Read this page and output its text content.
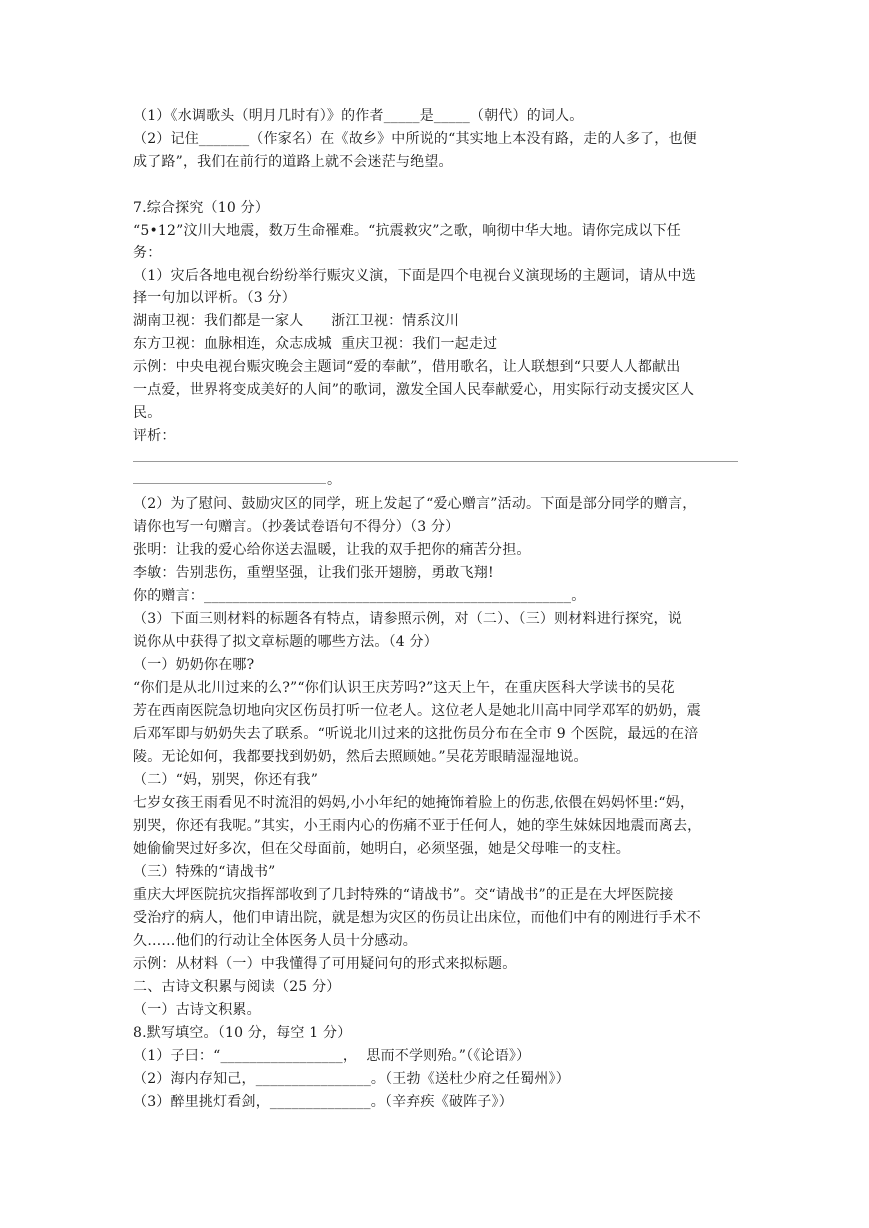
（1）《水调歌头（明月几时有）》的作者_____是_____（朝代）的词人。
（2）记住_______（作家名）在《故乡》中所说的“其实地上本没有路，走的人多了，也便
成了路”，我们在前行的道路上就不会迷茫与绝望。
7.综合探究（10 分）
“5•12”汶川大地震，数万生命罹难。“抗震救灾”之歌，响彻中华大地。请你完成以下任
务：
（1）灾后各地电视台纷纷举行赈灾义演，下面是四个电视台义演现场的主题词，请从中选
择一句加以评析。（3 分）
湖南卫视：我们都是一家人      浙江卫视：情系汶川
东方卫视：血脉相连，众志成城  重庆卫视：我们一起走过
示例：中央电视台赈灾晚会主题词“爱的奉献”，借用歌名，让人联想到“只要人人都献出
一点爱，世界将变成美好的人间”的歌词，激发全国人民奉献爱心，用实际行动支援灾区人
民。
评析：
。
（2）为了慰问、鼓励灾区的同学，班上发起了“爱心赠言”活动。下面是部分同学的赠言，
请你也写一句赠言。（抄袭试卷语句不得分）（3 分）
张明：让我的爱心给你送去温暖，让我的双手把你的痛苦分担。
李敏：告别悲伤，重塑坚强，让我们张开翅膀，勇敢飞翔!
你的赠言：___________________________________________________。
（3）下面三则材料的标题各有特点，请参照示例，对（二）、（三）则材料进行探究，说
说你从中获得了拟文章标题的哪些方法。（4 分）
（一）奶奶你在哪?
“你们是从北川过来的么?”“你们认识王庆芳吗?”这天上午，在重庆医科大学读书的吴花
芳在西南医院急切地向灾区伤员打听一位老人。这位老人是她北川高中同学邓军的奶奶，震
后邓军即与奶奶失去了联系。“听说北川过来的这批伤员分布在全市 9 个医院，最远的在涪
陵。无论如何，我都要找到奶奶，然后去照顾她。”吴花芳眼睛湿湿地说。
（二）“妈，别哭，你还有我”
七岁女孩王雨看见不时流泪的妈妈,小小年纪的她掩饰着脸上的伤悲,依偎在妈妈怀里:“妈，
别哭，你还有我呢。”其实，小王雨内心的伤痛不亚于任何人，她的孪生妹妹因地震而离去，
她偷偷哭过好多次，但在父母面前，她明白，必须坚强，她是父母唯一的支柱。
（三）特殊的“请战书”
重庆大坪医院抗灾指挥部收到了几封特殊的“请战书”。交“请战书”的正是在大坪医院接
受治疗的病人，他们申请出院，就是想为灾区的伤员让出床位，而他们中有的刚进行手术不
久……他们的行动让全体医务人员十分感动。
示例：从材料（一）中我懂得了可用疑问句的形式来拟标题。
二、古诗文积累与阅读（25 分）
（一）古诗文积累。
8.默写填空。（10 分，每空 1 分）
（1）子曰：“_________________，  思而不学则殆。”（《论语》）
（2）海内存知己，________________。（王勃《送杜少府之任蜀州》）
（3）醉里挑灯看剑，______________。（辛弃疾《破阵子》）
